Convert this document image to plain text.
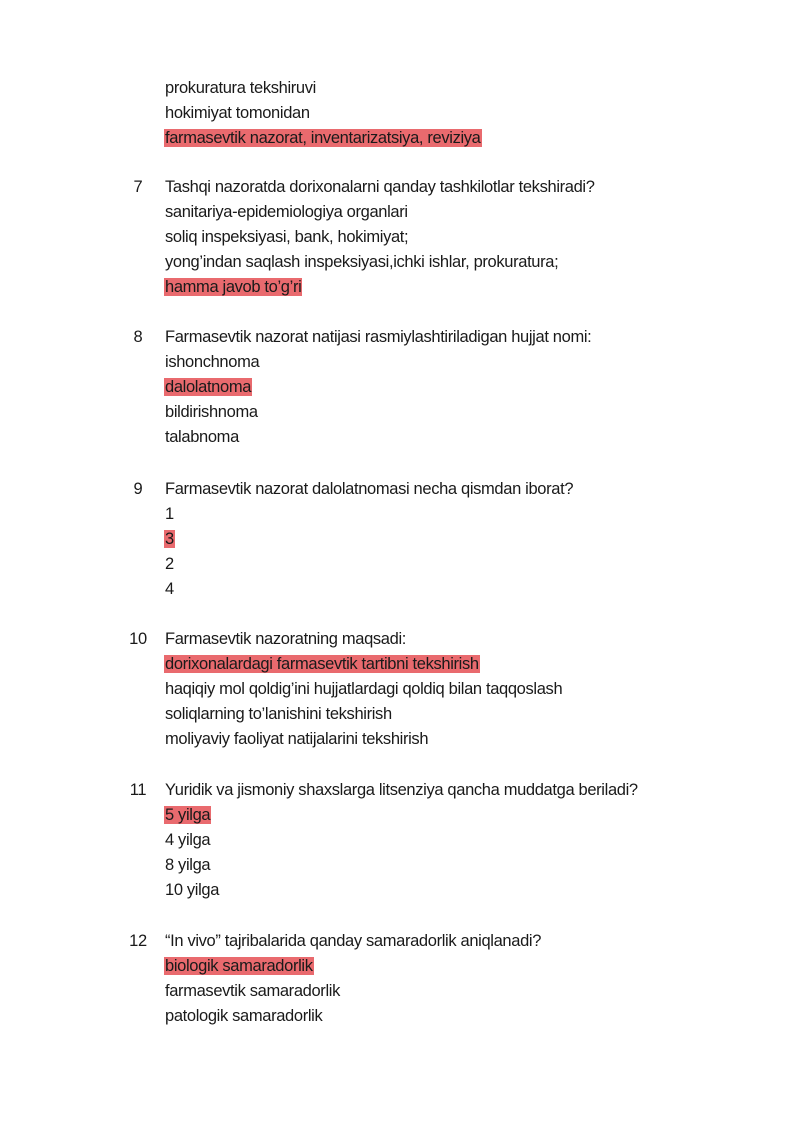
prokuratura tekshiruvi
hokimiyat tomonidan
farmasevtik nazorat, inventarizatsiya, reviziya
7	Tashqi nazoratda dorixonalarni qanday tashkilotlar tekshiradi?
sanitariya-epidemiologiya organlari
soliq inspeksiyasi, bank, hokimiyat;
yong’indan saqlash inspeksiyasi,ichki ishlar, prokuratura;
hamma javob to’g’ri
8	Farmasevtik nazorat natijasi rasmiylashtiriladigan hujjat nomi:
ishonchnoma
dalolatnoma
bildirishnoma
talabnoma
9	Farmasevtik nazorat dalolatnomasi necha qismdan iborat?
1
3
2
4
10 Farmasevtik nazoratning maqsadi:
dorixonalardagi farmasevtik tartibni tekshirish
haqiqiy mol qoldig’ini hujjatlardagi qoldiq bilan taqqoslash
soliqlarning to’lanishini tekshirish
moliyaviy faoliyat natijalarini tekshirish
11 Yuridik va jismoniy shaxslarga litsenziya qancha muddatga beriladi?
5 yilga
4 yilga
8 yilga
10 yilga
12 “In vivo” tajribalarida qanday samaradorlik aniqlanadi?
biologik samaradorlik
farmasevtik samaradorlik
patologik samaradorlik
